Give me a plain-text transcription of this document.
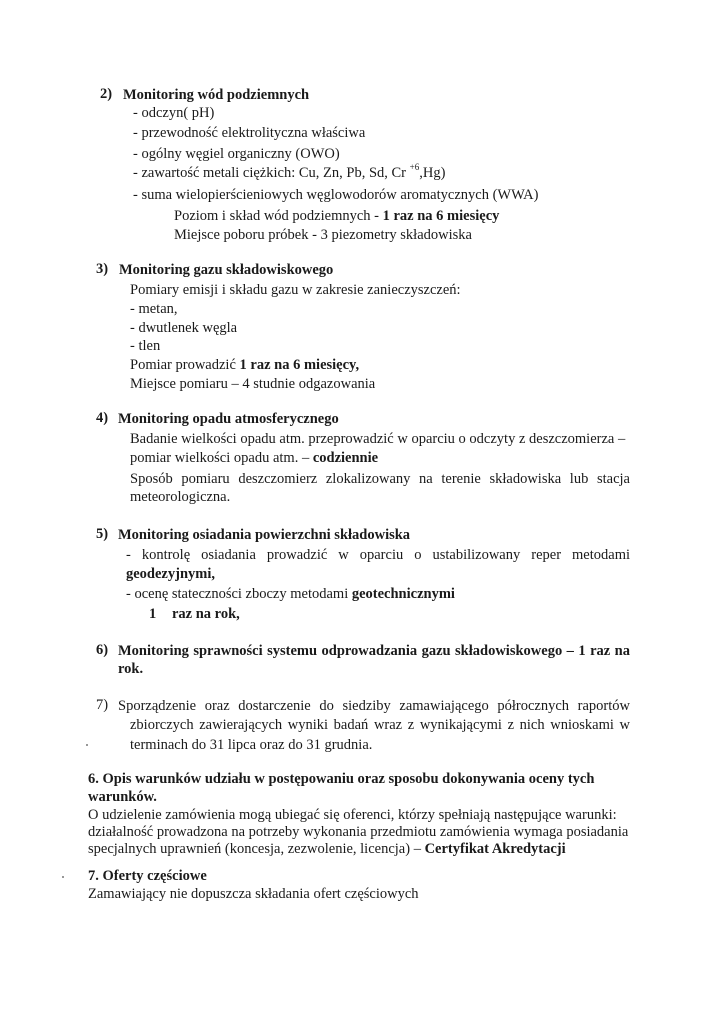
2) Monitoring wód podziemnych
- odczyn( pH)
- przewodność elektrolityczna właściwa
- ogólny węgiel organiczny (OWO)
- zawartość metali ciężkich: Cu, Zn, Pb, Sd, Cr $^{+6}$,Hg)
- suma wielopierścieniowych węglowodorów aromatycznych (WWA)
Poziom i skład wód podziemnych - 1 raz na 6 miesięcy
Miejsce poboru próbek - 3 piezometry składowiska
3) Monitoring gazu składowiskowego
Pomiary emisji i składu gazu w zakresie zanieczyszczeń:
- metan,
- dwutlenek węgla
- tlen
Pomiar prowadzić 1 raz na 6 miesięcy,
Miejsce pomiaru – 4 studnie odgazowania
4) Monitoring opadu atmosferycznego
Badanie wielkości opadu atm. przeprowadzić w oparciu o odczyty z deszczomierza –
pomiar wielkości opadu atm. – codziennie
Sposób pomiaru deszczomierz zlokalizowany na terenie składowiska lub stacja
meteorologiczna.
5) Monitoring osiadania powierzchni składowiska
- kontrolę osiadania prowadzić w oparciu o ustabilizowany reper metodami
geodezyjnymi,
- ocenę stateczności zboczy metodami geotechnicznymi
1 raz na rok,
6) Monitoring sprawności systemu odprowadzania gazu składowiskowego – 1 raz na
rok.
7) Sporządzenie oraz dostarczenie do siedziby zamawiającego półrocznych raportów
zbiorczych zawierających wyniki badań wraz z wynikającymi z nich wnioskami w
terminach do 31 lipca oraz do 31 grudnia.
6. Opis warunków udziału w postępowaniu oraz sposobu dokonywania oceny tych
warunków.
O udzielenie zamówienia mogą ubiegać się oferenci, którzy spełniają następujące warunki:
działalność prowadzona na potrzeby wykonania przedmiotu zamówienia wymaga posiadania
specjalnych uprawnień (koncesja, zezwolenie, licencja) – Certyfikat Akredytacji
7. Oferty częściowe
Zamawiający nie dopuszcza składania ofert częściowych
